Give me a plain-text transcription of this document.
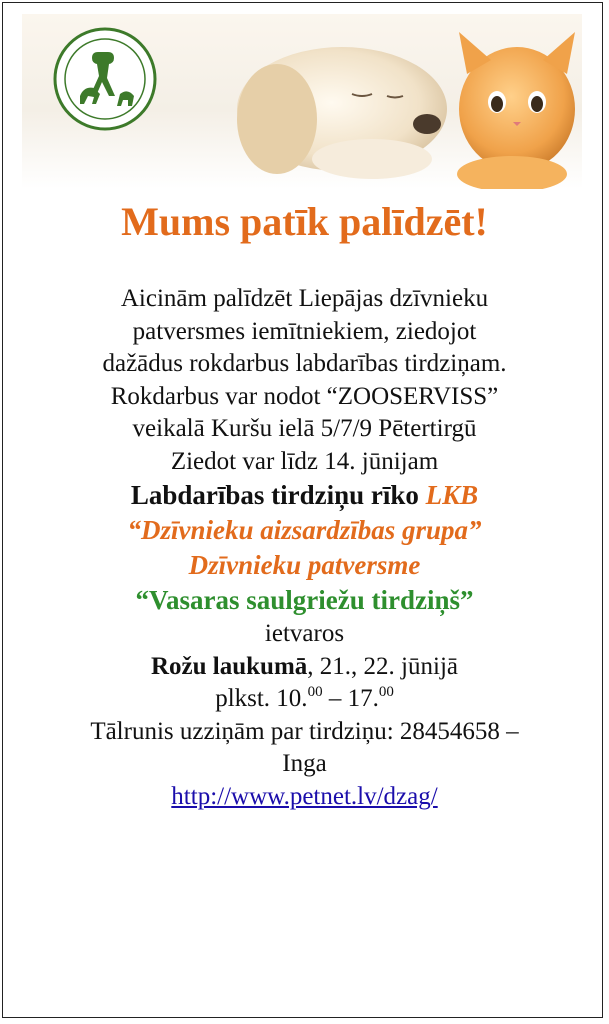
Mums patīk palīdzēt!
Aicinām palīdzēt Liepājas dzīvnieku
patversmes iemītniekiem, ziedojot
dažādus rokdarbus labdarības tirdziņam.
Rokdarbus var nodot “ZOOSERVISS”
veikalā Kuršu ielā 5/7/9 Pētertirgū
Ziedot var līdz 14. jūnijam
Labdarības tirdziņu rīko LKB
“Dzīvnieku aizsardzības grupa”
Dzīvnieku patversme
“Vasaras saulgriežu tirdziņš”
ietvaros
Rožu laukumā, 21., 22. jūnijā
plkst. 10.00 – 17.00
Tālrunis uzziņām par tirdziņu: 28454658 –
Inga
http://www.petnet.lv/dzag/
